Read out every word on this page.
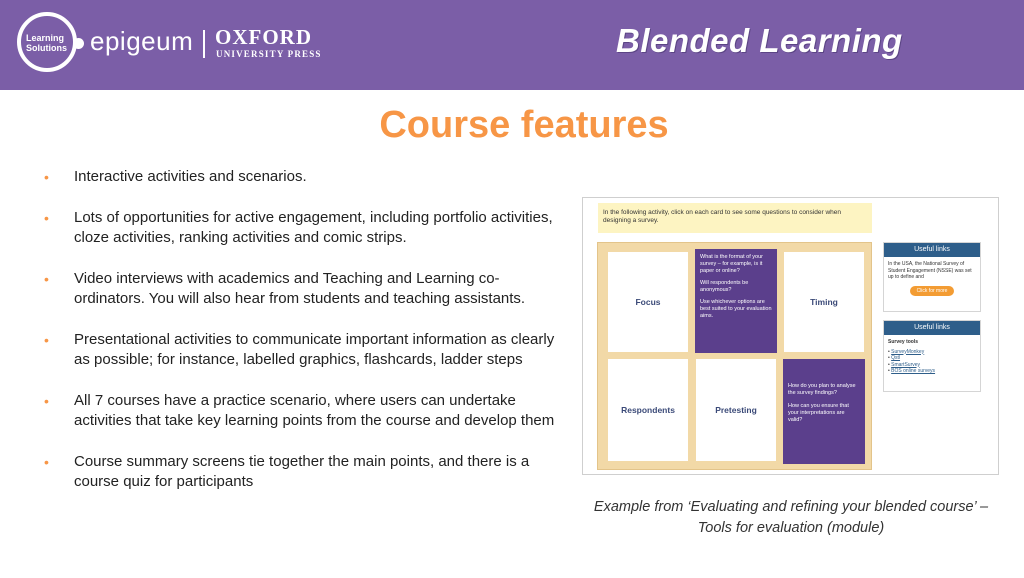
Learning
Solutions epigeum OXFORD
UNIVERSITY PRESS	Blended Learning
Course features
• Interactive activities and scenarios.
• Lots of opportunities for active engagement, including portfolio activities, cloze activities, ranking activities and comic strips.
• Video interviews with academics and Teaching and Learning co-ordinators. You will also hear from students and teaching assistants.
• Presentational activities to communicate important information as clearly as possible; for instance, labelled graphics, flashcards, ladder steps
• All 7 courses have a practice scenario, where users can undertake activities that take key learning points from the course and develop them
• Course summary screens tie together the main points, and there is a course quiz for participants
In the following activity, click on each card to see some questions to consider when designing a survey.
Focus
What is the format of your survey – for example, is it paper or online?
Will respondents be anonymous?
Use whichever options are best suited to your evaluation aims.
Timing
Respondents	Pretesting
How do you plan to analyse the survey findings?
How can you ensure that your interpretations are valid?
Useful links
In the USA, the National Survey of Student Engagement (NSSE) was set up to define and
Click for more
Useful links
Survey tools
• SurveyMonkey
• Qstl
• SmartSurvey
• BOS online surveys
Example from ‘Evaluating and refining your blended course’ –
Tools for evaluation (module)
